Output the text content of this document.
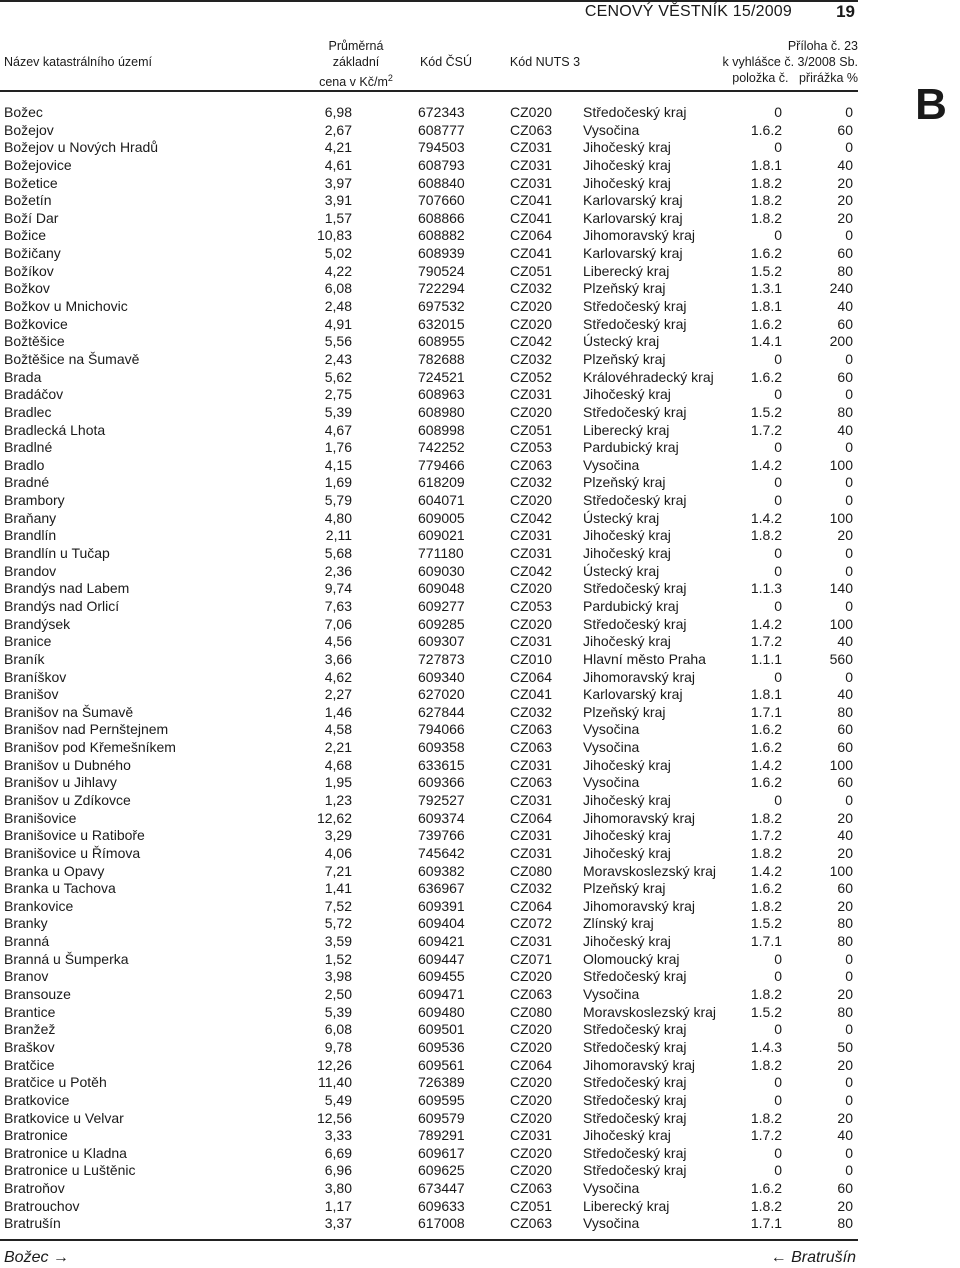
CENOVÝ VĚSTNÍK 15/2009	19
Název katastrálního území
Průměrná
základní
cena v $Kč/m^2$
Kód ČSÚ	Kód NUTS 3
Příloha č. 23
k vyhlášce č. 3/2008 Sb.
položka č.   přirážka %
B
Božec	6,98	672343	CZ020 Středočeský kraj	0	0
Božejov	2,67	608777	CZ063 Vysočina	1.6.2	60
Božejov u Nových Hradů	4,21	794503	CZ031 Jihočeský kraj	0	0
Božejovice	4,61	608793	CZ031 Jihočeský kraj	1.8.1	40
Božetice	3,97	608840	CZ031 Jihočeský kraj	1.8.2	20
Božetín	3,91	707660	CZ041 Karlovarský kraj	1.8.2	20
Boží Dar	1,57	608866	CZ041 Karlovarský kraj	1.8.2	20
Božice	10,83	608882	CZ064 Jihomoravský kraj	0	0
Božičany	5,02	608939	CZ041 Karlovarský kraj	1.6.2	60
Božíkov	4,22	790524	CZ051 Liberecký kraj	1.5.2	80
Božkov	6,08	722294	CZ032 Plzeňský kraj	1.3.1	240
Božkov u Mnichovic	2,48	697532	CZ020 Středočeský kraj	1.8.1	40
Božkovice	4,91	632015	CZ020 Středočeský kraj	1.6.2	60
Božtěšice	5,56	608955	CZ042 Ústecký kraj	1.4.1	200
Božtěšice na Šumavě	2,43	782688	CZ032 Plzeňský kraj	0	0
Brada	5,62	724521	CZ052 Královéhradecký kraj	1.6.2	60
Bradáčov	2,75	608963	CZ031 Jihočeský kraj	0	0
Bradlec	5,39	608980	CZ020 Středočeský kraj	1.5.2	80
Bradlecká Lhota	4,67	608998	CZ051 Liberecký kraj	1.7.2	40
Bradlné	1,76	742252	CZ053 Pardubický kraj	0	0
Bradlo	4,15	779466	CZ063 Vysočina	1.4.2	100
Bradné	1,69	618209	CZ032 Plzeňský kraj	0	0
Brambory	5,79	604071	CZ020 Středočeský kraj	0	0
Braňany	4,80	609005	CZ042 Ústecký kraj	1.4.2	100
Brandlín	2,11	609021	CZ031 Jihočeský kraj	1.8.2	20
Brandlín u Tučap	5,68	771180	CZ031 Jihočeský kraj	0	0
Brandov	2,36	609030	CZ042 Ústecký kraj	0	0
Brandýs nad Labem	9,74	609048	CZ020 Středočeský kraj	1.1.3	140
Brandýs nad Orlicí	7,63	609277	CZ053 Pardubický kraj	0	0
Brandýsek	7,06	609285	CZ020 Středočeský kraj	1.4.2	100
Branice	4,56	609307	CZ031 Jihočeský kraj	1.7.2	40
Braník	3,66	727873	CZ010 Hlavní město Praha	1.1.1	560
Braníškov	4,62	609340	CZ064 Jihomoravský kraj	0	0
Branišov	2,27	627020	CZ041 Karlovarský kraj	1.8.1	40
Branišov na Šumavě	1,46	627844	CZ032 Plzeňský kraj	1.7.1	80
Branišov nad Pernštejnem	4,58	794066	CZ063 Vysočina	1.6.2	60
Branišov pod Křemešníkem	2,21	609358	CZ063 Vysočina	1.6.2	60
Branišov u Dubného	4,68	633615	CZ031 Jihočeský kraj	1.4.2	100
Branišov u Jihlavy	1,95	609366	CZ063 Vysočina	1.6.2	60
Branišov u Zdíkovce	1,23	792527	CZ031 Jihočeský kraj	0	0
Branišovice	12,62	609374	CZ064 Jihomoravský kraj	1.8.2	20
Branišovice u Ratiboře	3,29	739766	CZ031 Jihočeský kraj	1.7.2	40
Branišovice u Římova	4,06	745642	CZ031 Jihočeský kraj	1.8.2	20
Branka u Opavy	7,21	609382	CZ080 Moravskoslezský kraj	1.4.2	100
Branka u Tachova	1,41	636967	CZ032 Plzeňský kraj	1.6.2	60
Brankovice	7,52	609391	CZ064 Jihomoravský kraj	1.8.2	20
Branky	5,72	609404	CZ072 Zlínský kraj	1.5.2	80
Branná	3,59	609421	CZ031 Jihočeský kraj	1.7.1	80
Branná u Šumperka	1,52	609447	CZ071 Olomoucký kraj	0	0
Branov	3,98	609455	CZ020 Středočeský kraj	0	0
Bransouze	2,50	609471	CZ063 Vysočina	1.8.2	20
Brantice	5,39	609480	CZ080 Moravskoslezský kraj	1.5.2	80
Branžež	6,08	609501	CZ020 Středočeský kraj	0	0
Braškov	9,78	609536	CZ020 Středočeský kraj	1.4.3	50
Bratčice	12,26	609561	CZ064 Jihomoravský kraj	1.8.2	20
Bratčice u Potěh	11,40	726389	CZ020 Středočeský kraj	0	0
Bratkovice	5,49	609595	CZ020 Středočeský kraj	0	0
Bratkovice u Velvar	12,56	609579	CZ020 Středočeský kraj	1.8.2	20
Bratronice	3,33	789291	CZ031 Jihočeský kraj	1.7.2	40
Bratronice u Kladna	6,69	609617	CZ020 Středočeský kraj	0	0
Bratronice u Luštěnic	6,96	609625	CZ020 Středočeský kraj	0	0
Bratroňov	3,80	673447	CZ063 Vysočina	1.6.2	60
Bratrouchov	1,17	609633	CZ051 Liberecký kraj	1.8.2	20
Bratrušín	3,37	617008	CZ063 Vysočina	1.7.1	80
Božec →	← Bratrušín
